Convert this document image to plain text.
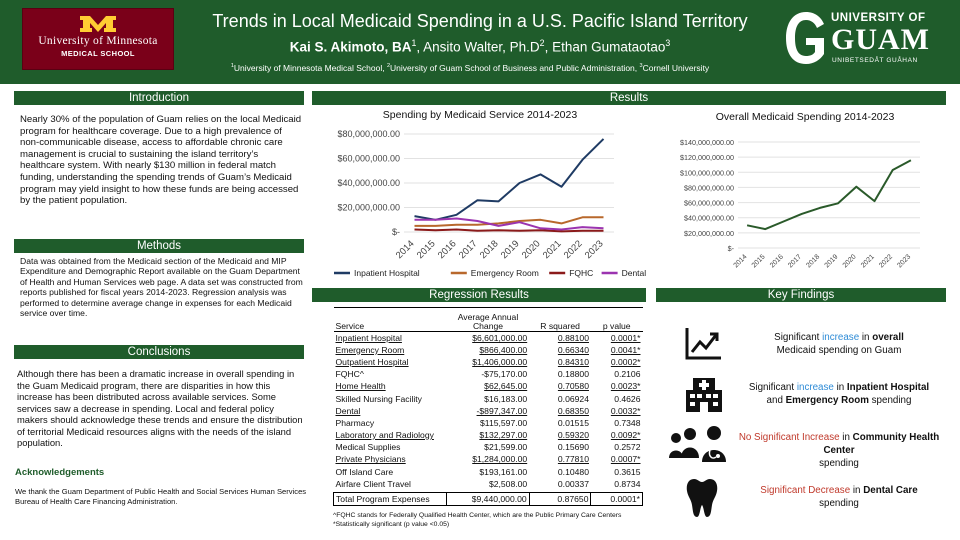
University of Minnesota
MEDICAL SCHOOL
Trends in Local Medicaid Spending in a U.S. Pacific Island Territory
Kai S. Akimoto, $BA^1$, Ansito Walter, $Ph.D^2$, Ethan Gumataotao$^3$
$^1$University of Minnesota Medical School, $^2$University of Guam School of Business and Public Administration, $^3$Cornell University
UNIVERSITY OF
GUAM
UNIBETSEDÅT GUÅHAN
Introduction
Nearly 30% of the population of Guam relies on the local Medicaid program for healthcare coverage. Due to a high prevalence of non-communicable disease, access to affordable chronic care management is crucial to sustaining the island territory’s healthcare system. With nearly $130 million in federal match funding, understanding the spending trends of Guam’s Medicaid program may yield insight to how these funds are being accessed by the patient population.
Methods
Data was obtained from the Medicaid section of the Medicaid and MIP Expenditure and Demographic Report available on the Guam Department of Health and Human Services web page. A data set was constructed from reports published for fiscal years 2014-2023. Regression analysis was performed to determine average change in expenses for each Medicaid service over time.
Conclusions
Although there has been a dramatic increase in overall spending in the Guam Medicaid program, there are disparities in how this increase has been distributed across available services. Some services saw a decrease in spending. Local and federal policy makers should acknowledge these trends and ensure the distribution of territorial Medicaid resources aligns with the needs of the island population.
Acknowledgements
We thank the Guam Department of Public Health and Social Services Human Services Bureau of Health Care Financing Administration.
Results
Spending by Medicaid Service 2014-2023
$-
$20,000,000.00
$40,000,000.00
$60,000,000.00
$80,000,000.00
2014
2015
2016
2017
2018
2019
2020
2021
2022
2023
Inpatient Hospital	Emergency Room	FQHC	Dental
Overall Medicaid Spending 2014-2023
$-
$20,000,000.00
$40,000,000.00
$60,000,000.00
$80,000,000.00
$100,000,000.00
$120,000,000.00
$140,000,000.00
2014 2015 2016 2017 2018 2019 2020 2021 2022 2023
Regression Results
Service	Average Annual Change	R squared	p value
Inpatient Hospital	$6,601,000.00	0.88100	0.0001*
Emergency Room	$866,400.00	0.66340	0.0041*
Outpatient Hospital	$1,406,000.00	0.84310	0.0002*
FQHC^	-$75,170.00	0.18800	0.2106
Home Health	$62,645.00	0.70580	0.0023*
Skilled Nursing Facility	$16,183.00	0.06924	0.4626
Dental	-$897,347.00	0.68350	0.0032*
Pharmacy	$115,597.00	0.01515	0.7348
Laboratory and Radiology	$132,297.00	0.59320	0.0092*
Medical Supplies	$21,599.00	0.15690	0.2572
Private Physicians	$1,284,000.00	0.77810	0.0007*
Off Island Care	$193,161.00	0.10480	0.3615
Airfare Client Travel	$2,508.00	0.00337	0.8734

Total Program Expenses	$9,440,000.00	0.87650	0.0001*
^FQHC stands for Federally Qualified Health Center, which are the Public Primary Care Centers
*Statistically significant (p value <0.05)
Key Findings
Significant increase in overall
Medicaid spending on Guam
Significant increase in Inpatient Hospital
and Emergency Room spending
No Significant Increase in Community Health Center
spending
Significant Decrease in Dental Care
spending
